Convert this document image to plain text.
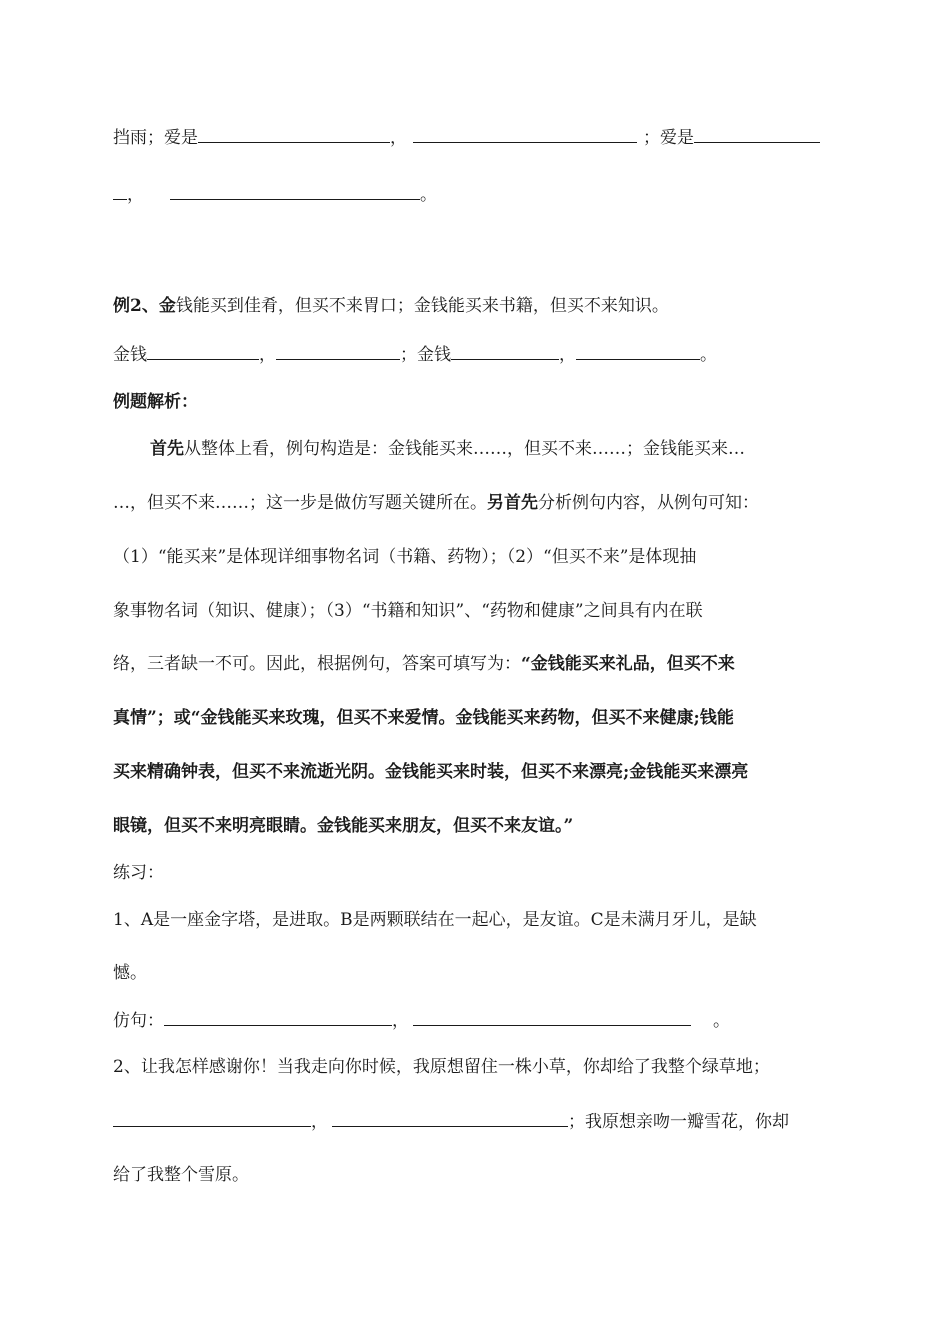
挡雨；爱是	，	；爱是
，	。
例2、金钱能买到佳肴，但买不来胃口；金钱能买来书籍，但买不来知识。
金钱	，	；金钱	，	。
例题解析：
首先从整体上看，例句构造是：金钱能买来……，但买不来……；金钱能买来…
…，但买不来……；这一步是做仿写题关键所在。另首先分析例句内容，从例句可知：
（1）“能买来”是体现详细事物名词（书籍、药物）；（2）“但买不来”是体现抽
象事物名词（知识、健康）；（3）“书籍和知识”、“药物和健康”之间具有内在联
络，三者缺一不可。因此，根据例句，答案可填写为：“金钱能买来礼品，但买不来
真情”；或“金钱能买来玫瑰，但买不来爱情。金钱能买来药物，但买不来健康;钱能
买来精确钟表，但买不来流逝光阴。金钱能买来时装，但买不来漂亮;金钱能买来漂亮
眼镜，但买不来明亮眼睛。金钱能买来朋友，但买不来友谊。”
练习：
1、A是一座金字塔，是进取。B是两颗联结在一起心，是友谊。C是未满月牙儿，是缺
憾。
仿句：	，	。
2、让我怎样感谢你！当我走向你时候，我原想留住一株小草，你却给了我整个绿草地；
，	；我原想亲吻一瓣雪花，你却
给了我整个雪原。
